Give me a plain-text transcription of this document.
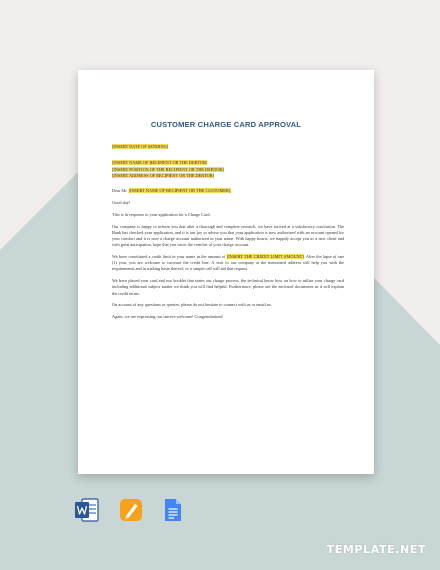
CUSTOMER CHARGE CARD APPROVAL

[INSERT DATE OF SENDING]

[INSERT NAME OF RECIPIENT OR THE DEBTOR]
[INSERT POSITION OF THE RECIPIENT OR THE DEBTOR]
[INSERT ADDRESS OF RECIPIENT OR THE DEBTOR]

Dear Mr. [INSERT NAME OF RECIPIENT OR THE CUSTOMER],

Good day!

This is in response to your application for a Charge Card.

Our company is happy to inform you that after a thorough and complete research, we have arrived at a satisfactory conclusion. The Bank has checked your application, and it is our joy to advise you that your application is now authorized with an account opened for your comfort and it is now a charge account authorized in your name. With happy hearts, we happily accept you as a new client and with great anticipation, hope that you savor the comfort of your charge account.

We have constituted a credit limit in your name in the amount of [INSERT THE CREDIT LIMIT AMOUNT]. After the lapse of one (1) year, you are welcome to increase the credit line. A visit to our company at the mentioned address will help you with the requirements and in making haste thereof, or a simple call will aid that request.

We have placed your card and our booklet that states our charge process, the technical know how on how to utilize your charge card including additional subject matter we think you will find helpful. Furthermore, please see the enclosed documents as it will explain the credit terms.

On account of any questions or queries, please do not hesitate to connect with us or email us.

Again, we are expressing our sincere welcome! Congratulations!

TEMPLATE.NET
